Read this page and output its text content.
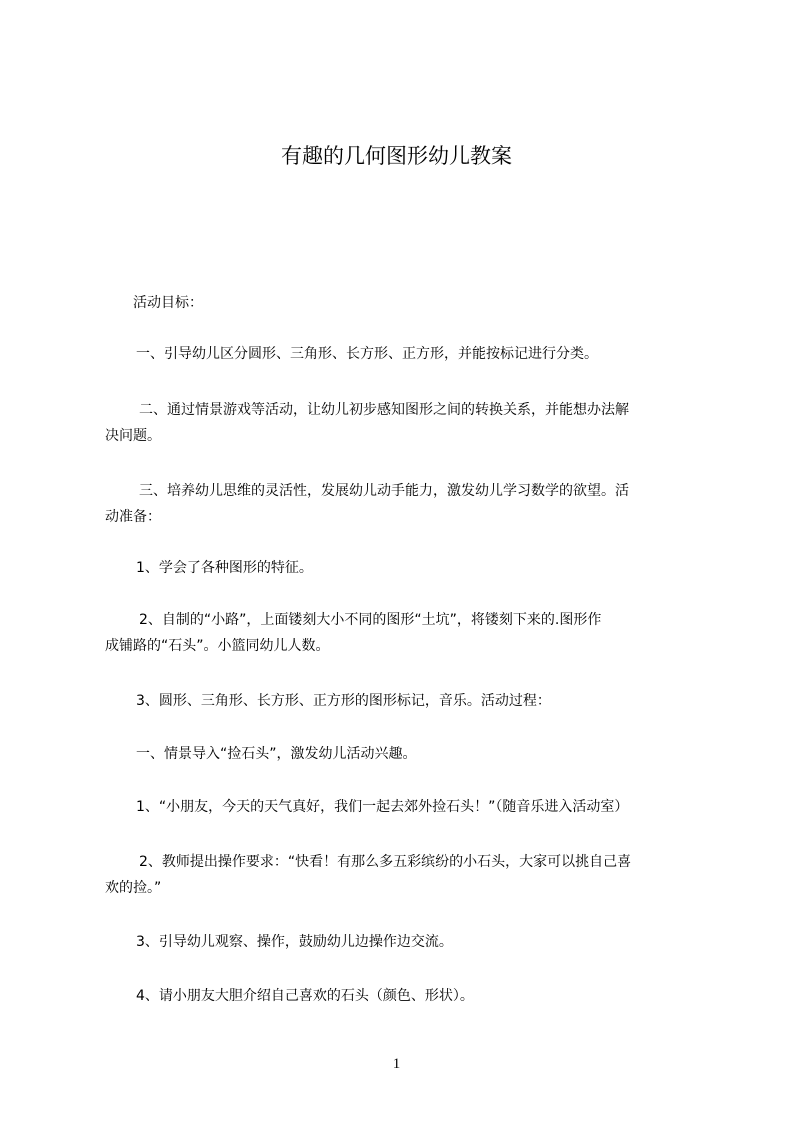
有趣的几何图形幼儿教案
活动目标：
一、引导幼儿区分圆形、三角形、长方形、正方形，并能按标记进行分类。
二、通过情景游戏等活动，让幼儿初步感知图形之间的转换关系，并能想办法解
决问题。
三、培养幼儿思维的灵活性，发展幼儿动手能力，激发幼儿学习数学的欲望。活
动准备：
1、学会了各种图形的特征。
2、自制的“小路”，上面镂刻大小不同的图形“土坑”，将镂刻下来的.图形作
成铺路的“石头”。小篮同幼儿人数。
3、圆形、三角形、长方形、正方形的图形标记，音乐。活动过程：
一、情景导入“捡石头”，激发幼儿活动兴趣。
1、“小朋友，今天的天气真好，我们一起去郊外捡石头！”（随音乐进入活动室）
2、教师提出操作要求：“快看！有那么多五彩缤纷的小石头，大家可以挑自己喜
欢的捡。”
3、引导幼儿观察、操作，鼓励幼儿边操作边交流。
4、请小朋友大胆介绍自己喜欢的石头（颜色、形状）。
1
